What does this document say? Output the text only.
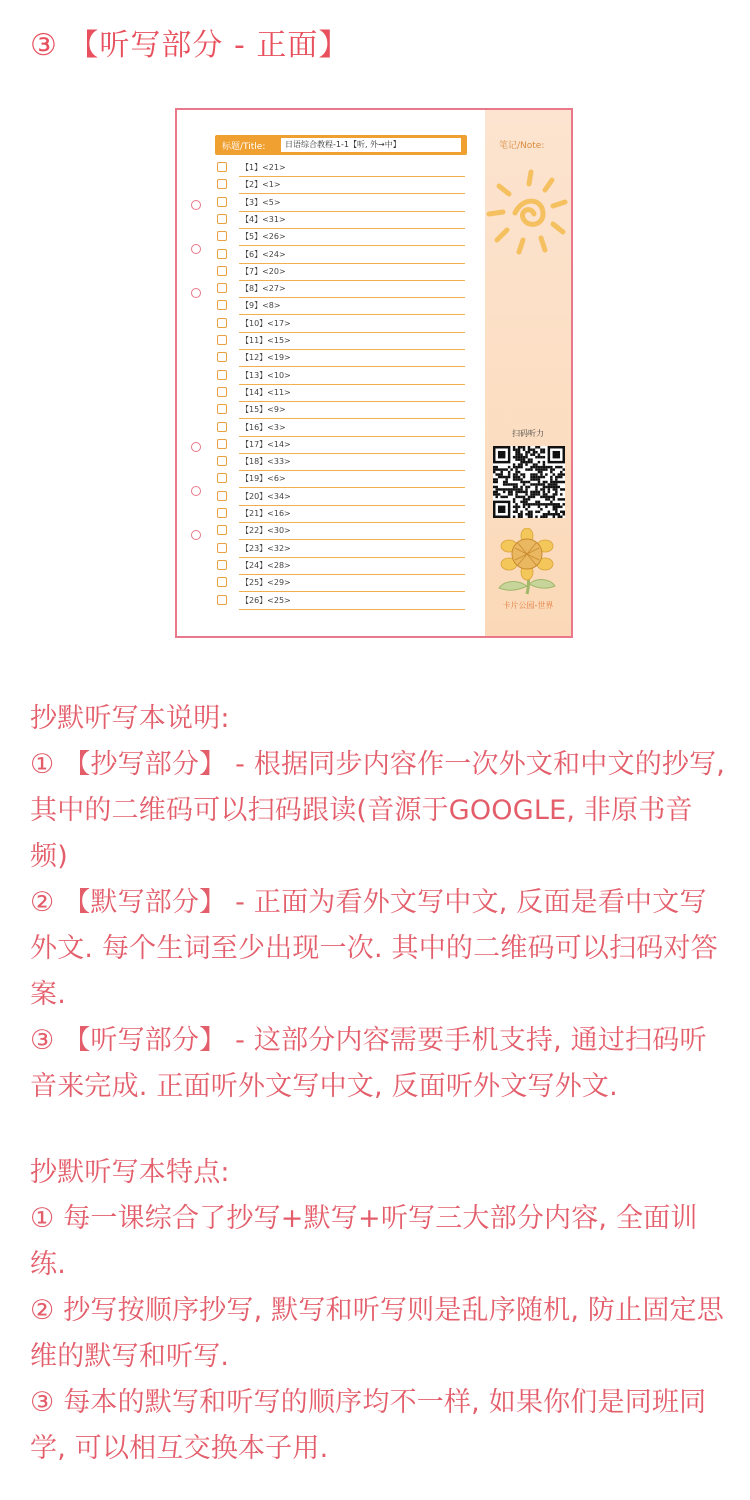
③ 【听写部分 - 正面】
标题/Title:	日语综合教程-1-1【听, 外→中】
【1】<21>
【2】<1>
【3】<5>
【4】<31>
【5】<26>
【6】<24>
【7】<20>
【8】<27>
【9】<8>
【10】<17>
【11】<15>
【12】<19>
【13】<10>
【14】<11>
【15】<9>
【16】<3>
【17】<14>
【18】<33>
【19】<6>
【20】<34>
【21】<16>
【22】<30>
【23】<32>
【24】<28>
【25】<29>
【26】<25>
笔记/Note:
扫码听力
卡片公园-世界

抄默听写本说明:

① 【抄写部分】 - 根据同步内容作一次外文和中文的抄写, 其中的二维码可以扫码跟读(音源于GOOGLE, 非原书音频)

② 【默写部分】 - 正面为看外文写中文, 反面是看中文写外文. 每个生词至少出现一次. 其中的二维码可以扫码对答案.

③ 【听写部分】 - 这部分内容需要手机支持, 通过扫码听音来完成. 正面听外文写中文, 反面听外文写外文.

抄默听写本特点:

① 每一课综合了抄写+默写+听写三大部分内容, 全面训练.

② 抄写按顺序抄写, 默写和听写则是乱序随机, 防止固定思维的默写和听写.

③ 每本的默写和听写的顺序均不一样, 如果你们是同班同学, 可以相互交换本子用.
